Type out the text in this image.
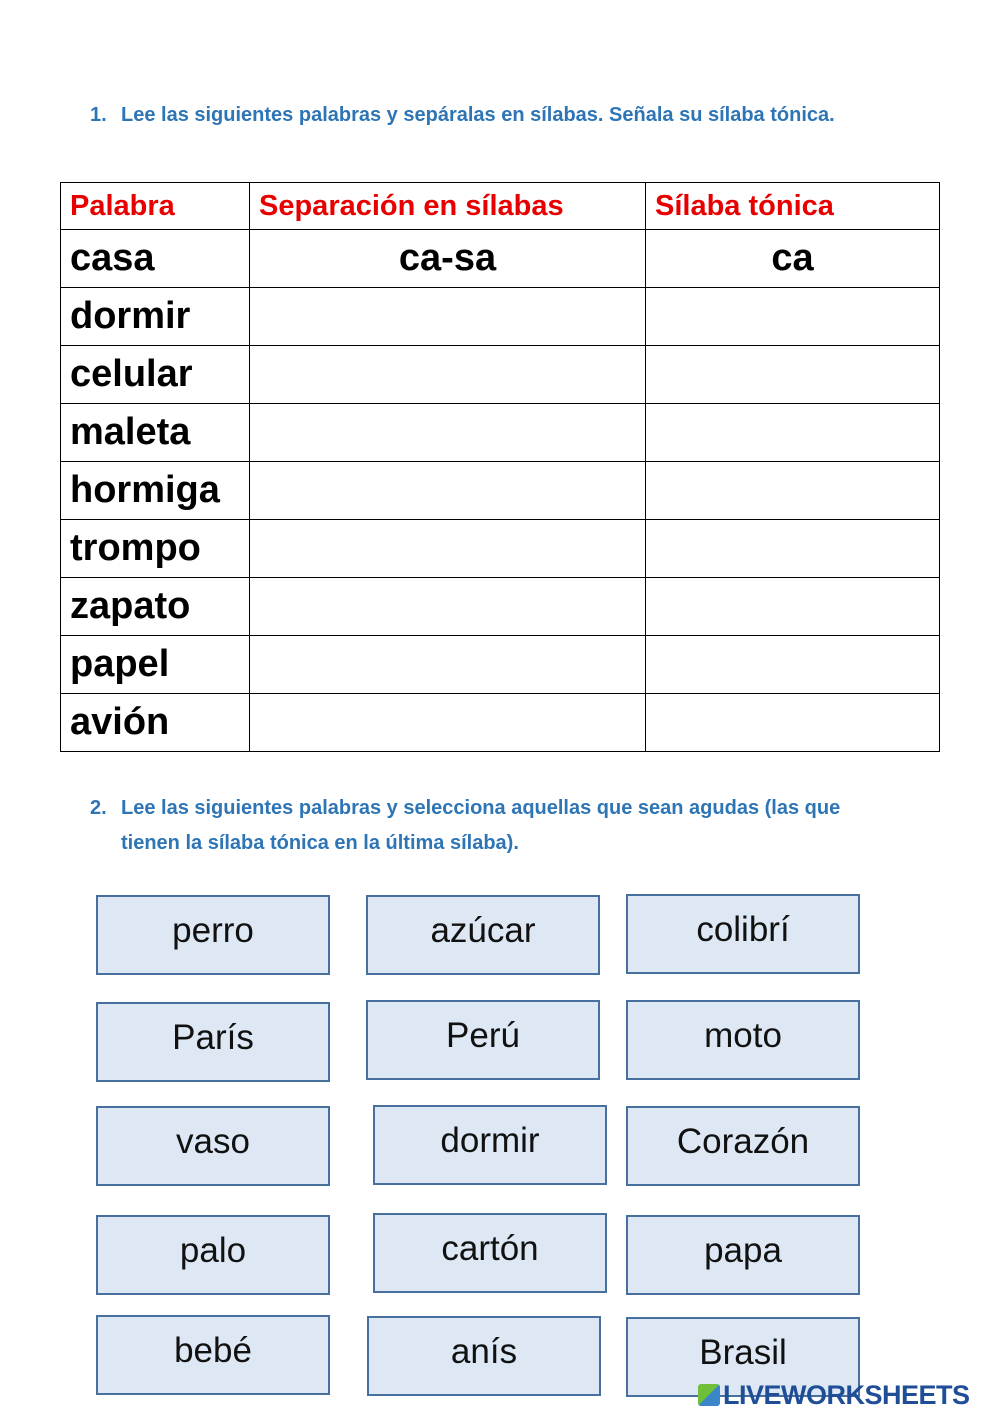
1. Lee las siguientes palabras y sepáralas en sílabas. Señala su sílaba tónica.
Palabra	Separación en sílabas	Sílaba tónica
casa	ca-sa	ca
dormir		
celular		
maleta		
hormiga		
trompo		
zapato		
papel		
avión		
2. Lee las siguientes palabras y selecciona aquellas que sean agudas (las que tienen la sílaba tónica en la última sílaba).
perro	azúcar	colibrí
París	Perú	moto
vaso	dormir	Corazón
palo	cartón	papa
bebé	anís	Brasil
LIVEWORKSHEETS
